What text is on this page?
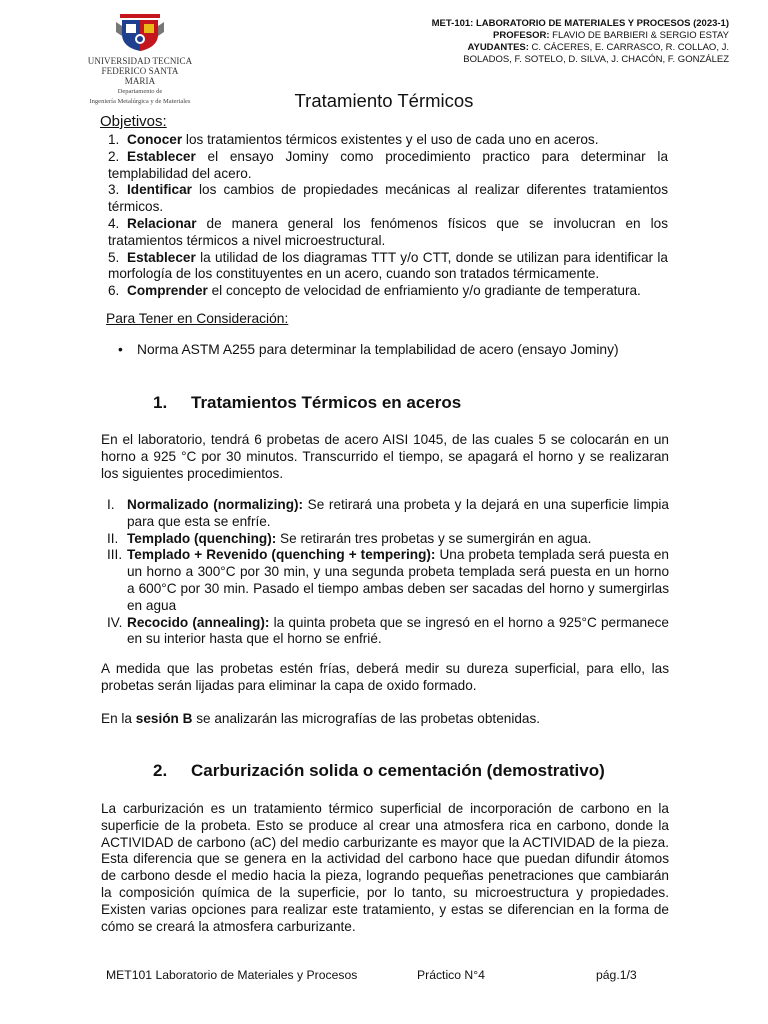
UNIVERSIDAD TECNICA
FEDERICO SANTA MARIA
Departamento de
Ingeniería Metalúrgica y de Materiales
MET-101: LABORATORIO DE MATERIALES Y PROCESOS (2023-1)
PROFESOR: FLAVIO DE BARBIERI & SERGIO ESTAY
AYUDANTES: C. CÁCERES, E. CARRASCO, R. COLLAO, J.
BOLADOS, F. SOTELO, D. SILVA, J. CHACÓN, F. GONZÁLEZ
Tratamiento Térmicos
Objetivos:
1. Conocer los tratamientos térmicos existentes y el uso de cada uno en aceros.
2. Establecer el ensayo Jominy como procedimiento practico para determinar la templabilidad del acero.
3. Identificar los cambios de propiedades mecánicas al realizar diferentes tratamientos térmicos.
4. Relacionar de manera general los fenómenos físicos que se involucran en los tratamientos térmicos a nivel microestructural.
5. Establecer la utilidad de los diagramas TTT y/o CTT, donde se utilizan para identificar la morfología de los constituyentes en un acero, cuando son tratados térmicamente.
6. Comprender el concepto de velocidad de enfriamiento y/o gradiante de temperatura.
Para Tener en Consideración:
• Norma ASTM A255 para determinar la templabilidad de acero (ensayo Jominy)
1. Tratamientos Térmicos en aceros

En el laboratorio, tendrá 6 probetas de acero AISI 1045, de las cuales 5 se colocarán en un horno a 925 °C por 30 minutos. Transcurrido el tiempo, se apagará el horno y se realizaran los siguientes procedimientos.

I. Normalizado (normalizing): Se retirará una probeta y la dejará en una superficie limpia para que esta se enfríe.
II. Templado (quenching): Se retirarán tres probetas y se sumergirán en agua.
III. Templado + Revenido (quenching + tempering): Una probeta templada será puesta en un horno a 300°C por 30 min, y una segunda probeta templada será puesta en un horno a 600°C por 30 min. Pasado el tiempo ambas deben ser sacadas del horno y sumergirlas en agua
IV. Recocido (annealing): la quinta probeta que se ingresó en el horno a 925°C permanece en su interior hasta que el horno se enfrié.

A medida que las probetas estén frías, deberá medir su dureza superficial, para ello, las probetas serán lijadas para eliminar la capa de oxido formado.

En la sesión B se analizarán las micrografías de las probetas obtenidas.

2. Carburización solida o cementación (demostrativo)

La carburización es un tratamiento térmico superficial de incorporación de carbono en la superficie de la probeta. Esto se produce al crear una atmosfera rica en carbono, donde la ACTIVIDAD de carbono (aC) del medio carburizante es mayor que la ACTIVIDAD de la pieza. Esta diferencia que se genera en la actividad del carbono hace que puedan difundir átomos de carbono desde el medio hacia la pieza, logrando pequeñas penetraciones que cambiarán la composición química de la superficie, por lo tanto, su microestructura y propiedades. Existen varias opciones para realizar este tratamiento, y estas se diferencian en la forma de cómo se creará la atmosfera carburizante.

MET101 Laboratorio de Materiales y Procesos	Práctico N°4	pág.1/3
